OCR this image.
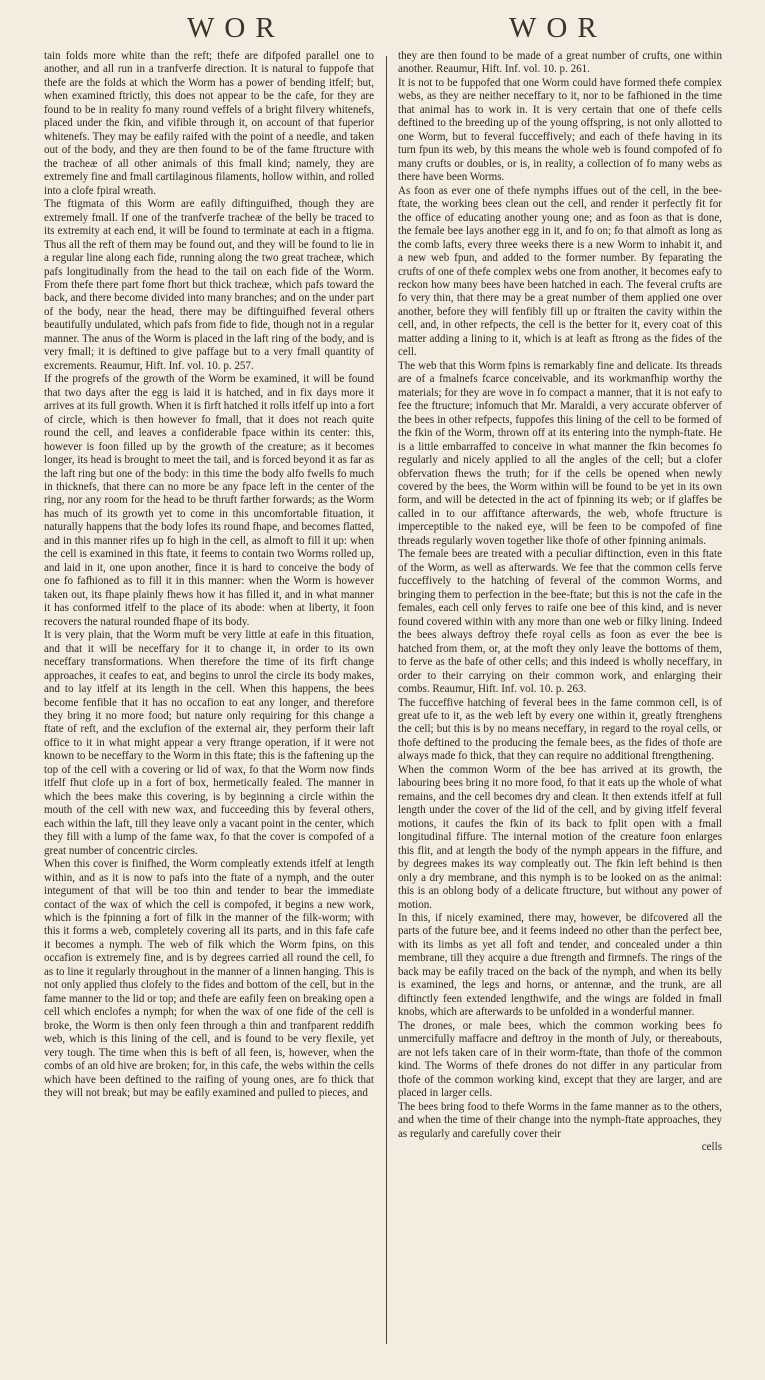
WOR	WOR

tain folds more white than the reft; thefe are difpofed parallel one to another, and all run in a tranfverfe direction. It is natural to fuppofe that thefe are the folds at which the Worm has a power of bending itfelf; but, when examined ftrictly, this does not appear to be the cafe, for they are found to be in reality fo many round veffels of a bright filvery whitenefs, placed under the fkin, and vifible through it, on account of that fuperior whitenefs. They may be eafily raifed with the point of a needle, and taken out of the body, and they are then found to be of the fame ftructure with the tracheæ of all other animals of this fmall kind; namely, they are extremely fine and fmall cartilaginous filaments, hollow within, and rolled into a clofe fpiral wreath.

The ftigmata of this Worm are eafily diftinguifhed, though they are extremely fmall. If one of the tranfverfe tracheæ of the belly be traced to its extremity at each end, it will be found to terminate at each in a ftigma. Thus all the reft of them may be found out, and they will be found to lie in a regular line along each fide, running along the two great tracheæ, which pafs longitudinally from the head to the tail on each fide of the Worm. From thefe there part fome fhort but thick tracheæ, which pafs toward the back, and there become divided into many branches; and on the under part of the body, near the head, there may be diftinguifhed feveral others beautifully undulated, which pafs from fide to fide, though not in a regular manner. The anus of the Worm is placed in the laft ring of the body, and is very fmall; it is deftined to give paffage but to a very fmall quantity of excrements. Reaumur, Hift. Inf. vol. 10. p. 257.

If the progrefs of the growth of the Worm be examined, it will be found that two days after the egg is laid it is hatched, and in fix days more it arrives at its full growth. When it is firft hatched it rolls itfelf up into a fort of circle, which is then however fo fmall, that it does not reach quite round the cell, and leaves a confiderable fpace within its center: this, however is foon filled up by the growth of the creature; as it becomes longer, its head is brought to meet the tail, and is forced beyond it as far as the laft ring but one of the body: in this time the body alfo fwells fo much in thicknefs, that there can no more be any fpace left in the center of the ring, nor any room for the head to be thruft farther forwards; as the Worm has much of its growth yet to come in this uncomfortable fituation, it naturally happens that the body lofes its round fhape, and becomes flatted, and in this manner rifes up fo high in the cell, as almoft to fill it up: when the cell is examined in this ftate, it feems to contain two Worms rolled up, and laid in it, one upon another, fince it is hard to conceive the body of one fo fafhioned as to fill it in this manner: when the Worm is however taken out, its fhape plainly fhews how it has filled it, and in what manner it has conformed itfelf to the place of its abode: when at liberty, it foon recovers the natural rounded fhape of its body.

It is very plain, that the Worm muft be very little at eafe in this fituation, and that it will be neceffary for it to change it, in order to its own neceffary transformations. When therefore the time of its firft change approaches, it ceafes to eat, and begins to unrol the circle its body makes, and to lay itfelf at its length in the cell. When this happens, the bees become fenfible that it has no occafion to eat any longer, and therefore they bring it no more food; but nature only requiring for this change a ftate of reft, and the exclufion of the external air, they perform their laft office to it in what might appear a very ftrange operation, if it were not known to be neceffary to the Worm in this ftate; this is the faftening up the top of the cell with a covering or lid of wax, fo that the Worm now finds itfelf fhut clofe up in a fort of box, hermetically fealed. The manner in which the bees make this covering, is by beginning a circle within the mouth of the cell with new wax, and fucceeding this by feveral others, each within the laft, till they leave only a vacant point in the center, which they fill with a lump of the fame wax, fo that the cover is compofed of a great number of concentric circles.

When this cover is finifhed, the Worm compleatly extends itfelf at length within, and as it is now to pafs into the ftate of a nymph, and the outer integument of that will be too thin and tender to bear the immediate contact of the wax of which the cell is compofed, it begins a new work, which is the fpinning a fort of filk in the manner of the filk-worm; with this it forms a web, completely covering all its parts, and in this fafe cafe it becomes a nymph. The web of filk which the Worm fpins, on this occafion is extremely fine, and is by degrees carried all round the cell, fo as to line it regularly throughout in the manner of a linnen hanging. This is not only applied thus clofely to the fides and bottom of the cell, but in the fame manner to the lid or top; and thefe are eafily feen on breaking open a cell which enclofes a nymph; for when the wax of one fide of the cell is broke, the Worm is then only feen through a thin and tranfparent reddifh web, which is this lining of the cell, and is found to be very flexile, yet very tough. The time when this is beft of all feen, is, however, when the combs of an old hive are broken; for, in this cafe, the webs within the cells which have been deftined to the raifing of young ones, are fo thick that they will not break; but may be eafily examined and pulled to pieces, and

they are then found to be made of a great number of crufts, one within another. Reaumur, Hift. Inf. vol. 10. p. 261.

It is not to be fuppofed that one Worm could have formed thefe complex webs, as they are neither neceffary to it, nor to be fafhioned in the time that animal has to work in. It is very certain that one of thefe cells deftined to the breeding up of the young offspring, is not only allotted to one Worm, but to feveral fucceffively; and each of thefe having in its turn fpun its web, by this means the whole web is found compofed of fo many crufts or doubles, or is, in reality, a collection of fo many webs as there have been Worms.

As foon as ever one of thefe nymphs iffues out of the cell, in the bee-ftate, the working bees clean out the cell, and render it perfectly fit for the office of educating another young one; and as foon as that is done, the female bee lays another egg in it, and fo on; fo that almoft as long as the comb lafts, every three weeks there is a new Worm to inhabit it, and a new web fpun, and added to the former number. By feparating the crufts of one of thefe complex webs one from another, it becomes eafy to reckon how many bees have been hatched in each. The feveral crufts are fo very thin, that there may be a great number of them applied one over another, before they will fenfibly fill up or ftraiten the cavity within the cell, and, in other refpects, the cell is the better for it, every coat of this matter adding a lining to it, which is at leaft as ftrong as the fides of the cell.

The web that this Worm fpins is remarkably fine and delicate. Its threads are of a fmalnefs fcarce conceivable, and its workmanfhip worthy the materials; for they are wove in fo compact a manner, that it is not eafy to fee the ftructure; infomuch that Mr. Maraldi, a very accurate obferver of the bees in other refpects, fuppofes this lining of the cell to be formed of the fkin of the Worm, thrown off at its entering into the nymph-ftate. He is a little embarraffed to conceive in what manner the fkin becomes fo regularly and nicely applied to all the angles of the cell; but a clofer obfervation fhews the truth; for if the cells be opened when newly covered by the bees, the Worm within will be found to be yet in its own form, and will be detected in the act of fpinning its web; or if glaffes be called in to our affiftance afterwards, the web, whofe ftructure is imperceptible to the naked eye, will be feen to be compofed of fine threads regularly woven together like thofe of other fpinning animals.

The female bees are treated with a peculiar diftinction, even in this ftate of the Worm, as well as afterwards. We fee that the common cells ferve fucceffively to the hatching of feveral of the common Worms, and bringing them to perfection in the bee-ftate; but this is not the cafe in the females, each cell only ferves to raife one bee of this kind, and is never found covered within with any more than one web or filky lining. Indeed the bees always deftroy thefe royal cells as foon as ever the bee is hatched from them, or, at the moft they only leave the bottoms of them, to ferve as the bafe of other cells; and this indeed is wholly neceffary, in order to their carrying on their common work, and enlarging their combs. Reaumur, Hift. Inf. vol. 10. p. 263.

The fucceffive hatching of feveral bees in the fame common cell, is of great ufe to it, as the web left by every one within it, greatly ftrenghens the cell; but this is by no means neceffary, in regard to the royal cells, or thofe deftined to the producing the female bees, as the fides of thofe are always made fo thick, that they can require no additional ftrengthening.

When the common Worm of the bee has arrived at its growth, the labouring bees bring it no more food, fo that it eats up the whole of what remains, and the cell becomes dry and clean. It then extends itfelf at full length under the cover of the lid of the cell, and by giving itfelf feveral motions, it caufes the fkin of its back to fplit open with a fmall longitudinal fiffure. The internal motion of the creature foon enlarges this flit, and at length the body of the nymph appears in the fiffure, and by degrees makes its way compleatly out. The fkin left behind is then only a dry membrane, and this nymph is to be looked on as the animal: this is an oblong body of a delicate ftructure, but without any power of motion.

In this, if nicely examined, there may, however, be difcovered all the parts of the future bee, and it feems indeed no other than the perfect bee, with its limbs as yet all foft and tender, and concealed under a thin membrane, till they acquire a due ftrength and firmnefs. The rings of the back may be eafily traced on the back of the nymph, and when its belly is examined, the legs and horns, or antennæ, and the trunk, are all diftinctly feen extended lengthwife, and the wings are folded in fmall knobs, which are afterwards to be unfolded in a wonderful manner.

The drones, or male bees, which the common working bees fo unmercifully maffacre and deftroy in the month of July, or thereabouts, are not lefs taken care of in their worm-ftate, than thofe of the common kind. The Worms of thefe drones do not differ in any particular from thofe of the common working kind, except that they are larger, and are placed in larger cells.

The bees bring food to thefe Worms in the fame manner as to the others, and when the time of their change into the nymph-ftate approaches, they as regularly and carefully cover their

cells
